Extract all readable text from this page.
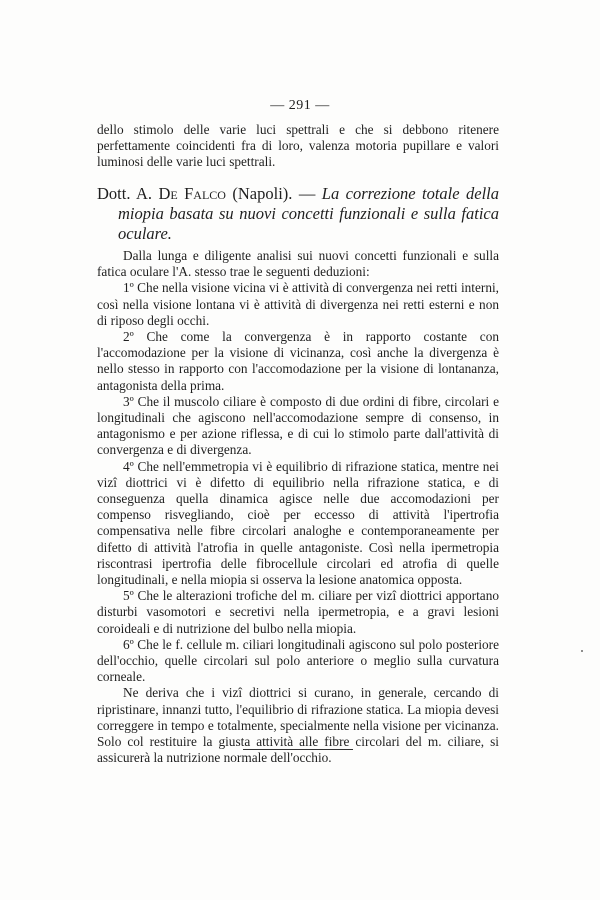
— 291 —

dello stimolo delle varie luci spettrali e che si debbono ritenere perfettamente coincidenti fra di loro, valenza motoria pupillare e valori luminosi delle varie luci spettrali.

Dott. A. De Falco (Napoli). — La correzione totale della miopia basata su nuovi concetti funzionali e sulla fatica oculare.

Dalla lunga e diligente analisi sui nuovi concetti funzionali e sulla fatica oculare l'A. stesso trae le seguenti deduzioni:

1º Che nella visione vicina vi è attività di convergenza nei retti interni, così nella visione lontana vi è attività di divergenza nei retti esterni e non di riposo degli occhi.

2º Che come la convergenza è in rapporto costante con l'accomodazione per la visione di vicinanza, così anche la divergenza è nello stesso in rapporto con l'accomodazione per la visione di lontananza, antagonista della prima.

3º Che il muscolo ciliare è composto di due ordini di fibre, circolari e longitudinali che agiscono nell'accomodazione sempre di consenso, in antagonismo e per azione riflessa, e di cui lo stimolo parte dall'attività di convergenza e di divergenza.

4º Che nell'emmetropia vi è equilibrio di rifrazione statica, mentre nei vizî diottrici vi è difetto di equilibrio nella rifrazione statica, e di conseguenza quella dinamica agisce nelle due accomodazioni per compenso risvegliando, cioè per eccesso di attività l'ipertrofia compensativa nelle fibre circolari analoghe e contemporaneamente per difetto di attività l'atrofia in quelle antagoniste. Così nella ipermetropia riscontrasi ipertrofia delle fibrocellule circolari ed atrofia di quelle longitudinali, e nella miopia si osserva la lesione anatomica opposta.

5º Che le alterazioni trofiche del m. ciliare per vizî diottrici apportano disturbi vasomotori e secretivi nella ipermetropia, e a gravi lesioni coroideali e di nutrizione del bulbo nella miopia.

6º Che le f. cellule m. ciliari longitudinali agiscono sul polo posteriore dell'occhio, quelle circolari sul polo anteriore o meglio sulla curvatura corneale.

Ne deriva che i vizî diottrici si curano, in generale, cercando di ripristinare, innanzi tutto, l'equilibrio di rifrazione statica. La miopia devesi correggere in tempo e totalmente, specialmente nella visione per vicinanza. Solo col restituire la giusta attività alle fibre circolari del m. ciliare, si assicurerà la nutrizione normale dell'occhio.
